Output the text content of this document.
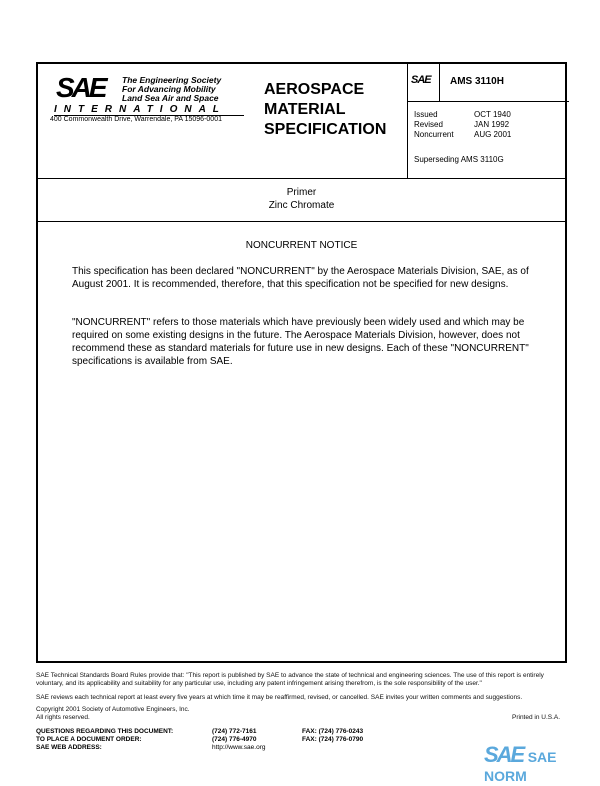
SAE The Engineering Society
For Advancing Mobility
Land Sea Air and Space
INTERNATIONAL
400 Commonwealth Drive, Warrendale, PA 15096-0001
AEROSPACE
MATERIAL
SPECIFICATION
SAE AMS 3110H
Issued	OCT 1940
Revised	JAN 1992
Noncurrent	AUG 2001
Superseding AMS 3110G
Primer
Zinc Chromate
NONCURRENT NOTICE
This specification has been declared "NONCURRENT" by the Aerospace Materials Division, SAE, as of August 2001. It is recommended, therefore, that this specification not be specified for new designs.
"NONCURRENT" refers to those materials which have previously been widely used and which may be required on some existing designs in the future. The Aerospace Materials Division, however, does not recommend these as standard materials for future use in new designs. Each of these "NONCURRENT" specifications is available from SAE.
SAE Technical Standards Board Rules provide that: "This report is published by SAE to advance the state of technical and engineering sciences. The use of this report is entirely voluntary, and its applicability and suitability for any particular use, including any patent infringement arising therefrom, is the sole responsibility of the user."
SAE reviews each technical report at least every five years at which time it may be reaffirmed, revised, or cancelled. SAE invites your written comments and suggestions.
Copyright 2001 Society of Automotive Engineers, Inc.
All rights reserved.	Printed in U.S.A.
QUESTIONS REGARDING THIS DOCUMENT:	(724) 772-7161	FAX: (724) 776-0243
TO PLACE A DOCUMENT ORDER:	(724) 776-4970	FAX: (724) 776-0790
SAE WEB ADDRESS:	http://www.sae.org	SAE SAE NORM
